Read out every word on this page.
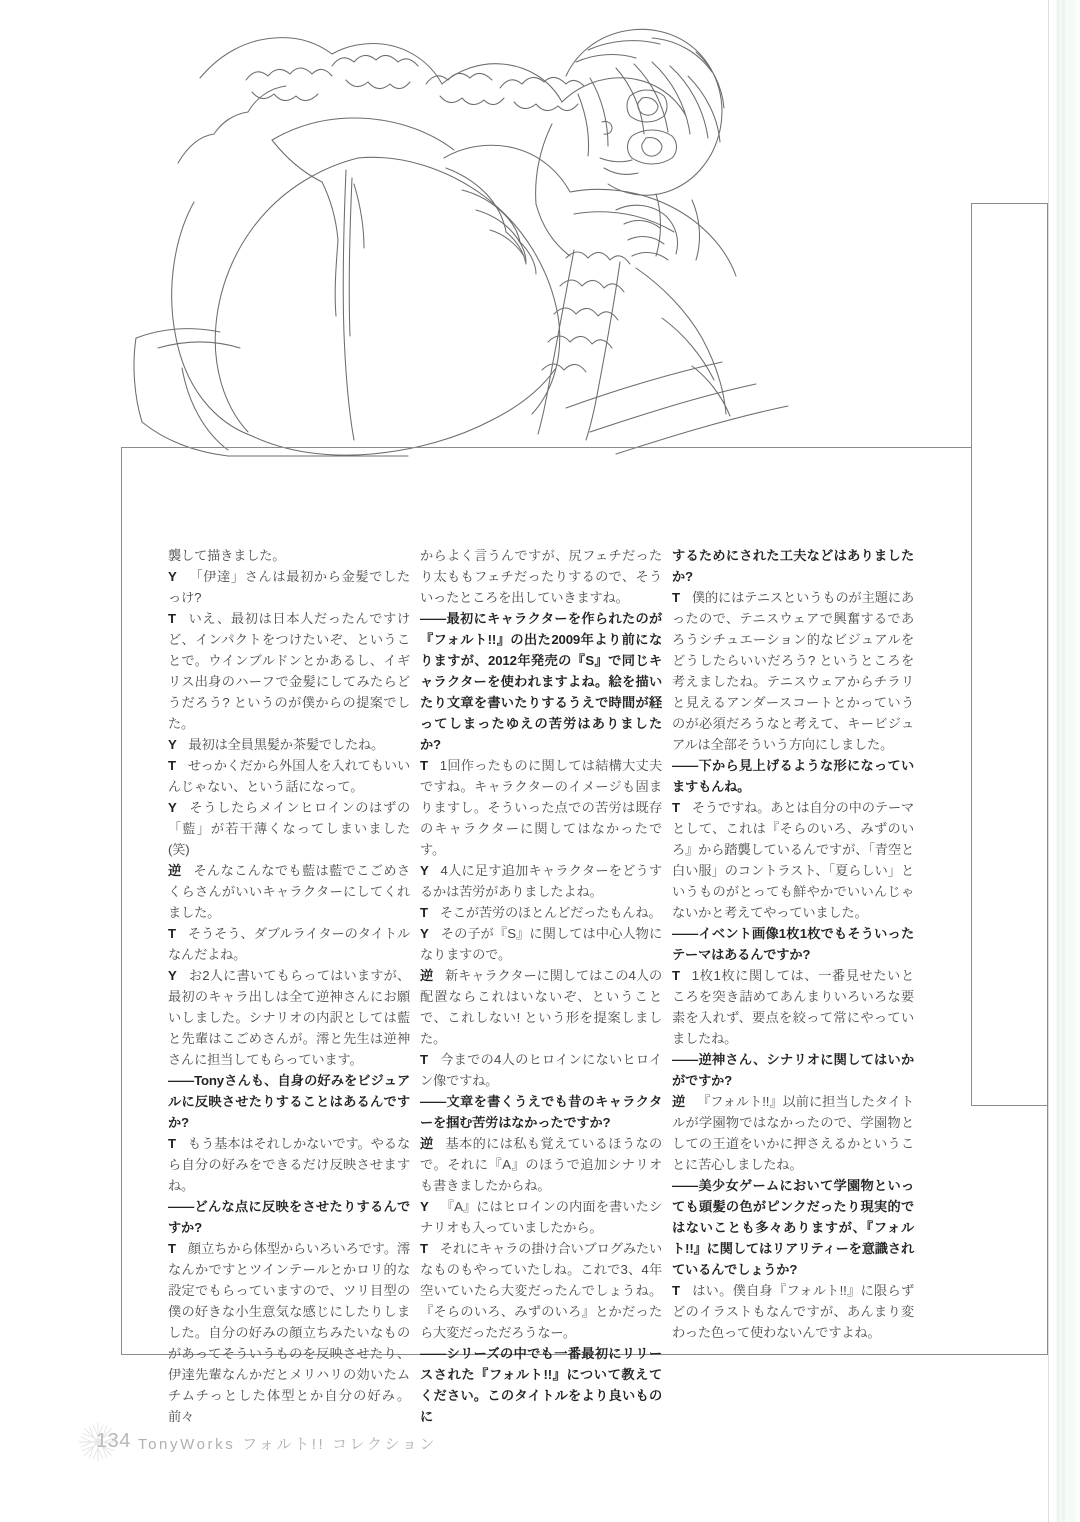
襲して描きました。

Y 「伊達」さんは最初から金髪でしたっけ?

T いえ、最初は日本人だったんですけど、インパクトをつけたいぞ、ということで。ウインブルドンとかあるし、イギリス出身のハーフで金髪にしてみたらどうだろう? というのが僕からの提案でした。

Y 最初は全員黒髪か茶髪でしたね。

T せっかくだから外国人を入れてもいいんじゃない、という話になって。

Y そうしたらメインヒロインのはずの「藍」が若干薄くなってしまいました (笑)

逆 そんなこんなでも藍は藍でこごめさくらさんがいいキャラクターにしてくれました。

T そうそう、ダブルライターのタイトルなんだよね。

Y お2人に書いてもらってはいますが、最初のキャラ出しは全て逆神さんにお願いしました。シナリオの内訳としては藍と先輩はこごめさんが。澪と先生は逆神さんに担当してもらっています。

——Tonyさんも、自身の好みをビジュアルに反映させたりすることはあるんですか?

T もう基本はそれしかないです。やるなら自分の好みをできるだけ反映させますね。

——どんな点に反映をさせたりするんですか?

T 顔立ちから体型からいろいろです。澪なんかですとツインテールとかロリ的な設定でもらっていますので、ツリ目型の僕の好きな小生意気な感じにしたりしました。自分の好みの顔立ちみたいなものがあってそういうものを反映させたり、伊達先輩なんかだとメリハリの効いたムチムチっとした体型とか自分の好み。前々

からよく言うんですが、尻フェチだったり太ももフェチだったりするので、そういったところを出していきますね。

——最初にキャラクターを作られたのが『フォルト!!』の出た2009年より前になりますが、2012年発売の『S』で同じキャラクターを使われますよね。絵を描いたり文章を書いたりするうえで時間が経ってしまったゆえの苦労はありましたか?

T 1回作ったものに関しては結構大丈夫ですね。キャラクターのイメージも固まりますし。そういった点での苦労は既存のキャラクターに関してはなかったです。

Y 4人に足す追加キャラクターをどうするかは苦労がありましたよね。

T そこが苦労のほとんどだったもんね。

Y その子が『S』に関しては中心人物になりますので。

逆 新キャラクターに関してはこの4人の配置ならこれはいないぞ、ということで、これしない! という形を提案しました。

T 今までの4人のヒロインにないヒロイン像ですね。

——文章を書くうえでも昔のキャラクターを掴む苦労はなかったですか?

逆 基本的には私も覚えているほうなので。それに『A』のほうで追加シナリオも書きましたからね。

Y 『A』にはヒロインの内面を書いたシナリオも入っていましたから。

T それにキャラの掛け合いブログみたいなものもやっていたしね。これで3、4年空いていたら大変だったんでしょうね。『そらのいろ、みずのいろ』とかだったら大変だっただろうなー。

——シリーズの中でも一番最初にリリースされた『フォルト!!』について教えてください。このタイトルをより良いものに

するためにされた工夫などはありましたか?

T 僕的にはテニスというものが主題にあったので、テニスウェアで興奮するであろうシチュエーション的なビジュアルをどうしたらいいだろう? というところを考えましたね。テニスウェアからチラリと見えるアンダースコートとかっていうのが必須だろうなと考えて、キービジュアルは全部そういう方向にしました。

——下から見上げるような形になっていますもんね。

T そうですね。あとは自分の中のテーマとして、これは『そらのいろ、みずのいろ』から踏襲しているんですが、「青空と白い服」のコントラスト、「夏らしい」というものがとっても鮮やかでいいんじゃないかと考えてやっていました。

——イベント画像1枚1枚でもそういったテーマはあるんですか?

T 1枚1枚に関しては、一番見せたいところを突き詰めてあんまりいろいろな要素を入れず、要点を絞って常にやっていましたね。

——逆神さん、シナリオに関してはいかがですか?

逆 『フォルト!!』以前に担当したタイトルが学園物ではなかったので、学園物としての王道をいかに押さえるかということに苦心しましたね。

——美少女ゲームにおいて学園物といっても頭髪の色がピンクだったり現実的ではないことも多々ありますが、『フォルト!!』に関してはリアリティーを意識されているんでしょうか?

T はい。僕自身『フォルト!!』に限らずどのイラストもなんですが、あんまり変わった色って使わないんですよね。

134 TonyWorks フォルト!! コレクション
